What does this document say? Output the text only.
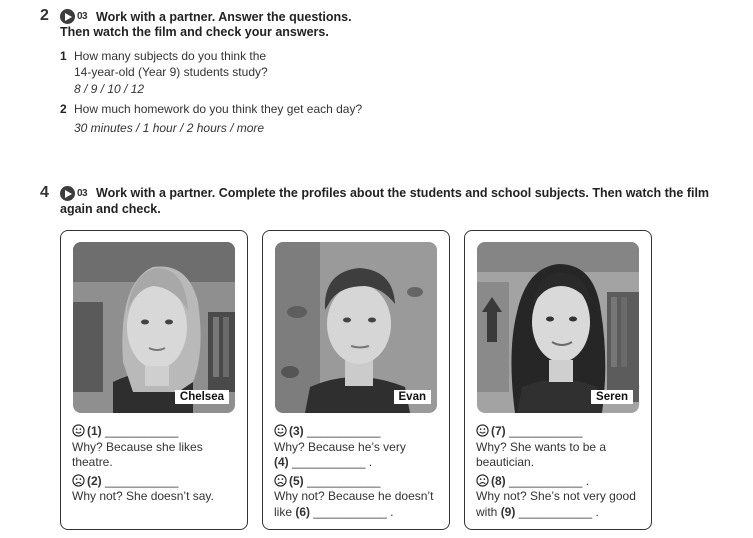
2	03 Work with a partner. Answer the questions.
Then watch the film and check your answers.
1 How many subjects do you think the
14-year-old (Year 9) students study?
8 / 9 / 10 / 12
2 How much homework do you think they get each day?
30 minutes / 1 hour / 2 hours / more
4	03 Work with a partner. Complete the profiles about the students and school subjects. Then watch the film
again and check.
Chelsea
(1) ___________
Why? Because she likes
theatre.
(2) ___________
Why not? She doesn’t say.
Evan
(3) ___________
Why? Because he’s very
(4) ___________ .
(5) ___________
Why not? Because he doesn’t
like (6) ___________ .
Seren
(7) ___________
Why? She wants to be a
beautician.
(8) ___________ .
Why not? She’s not very good
with (9) ___________ .
